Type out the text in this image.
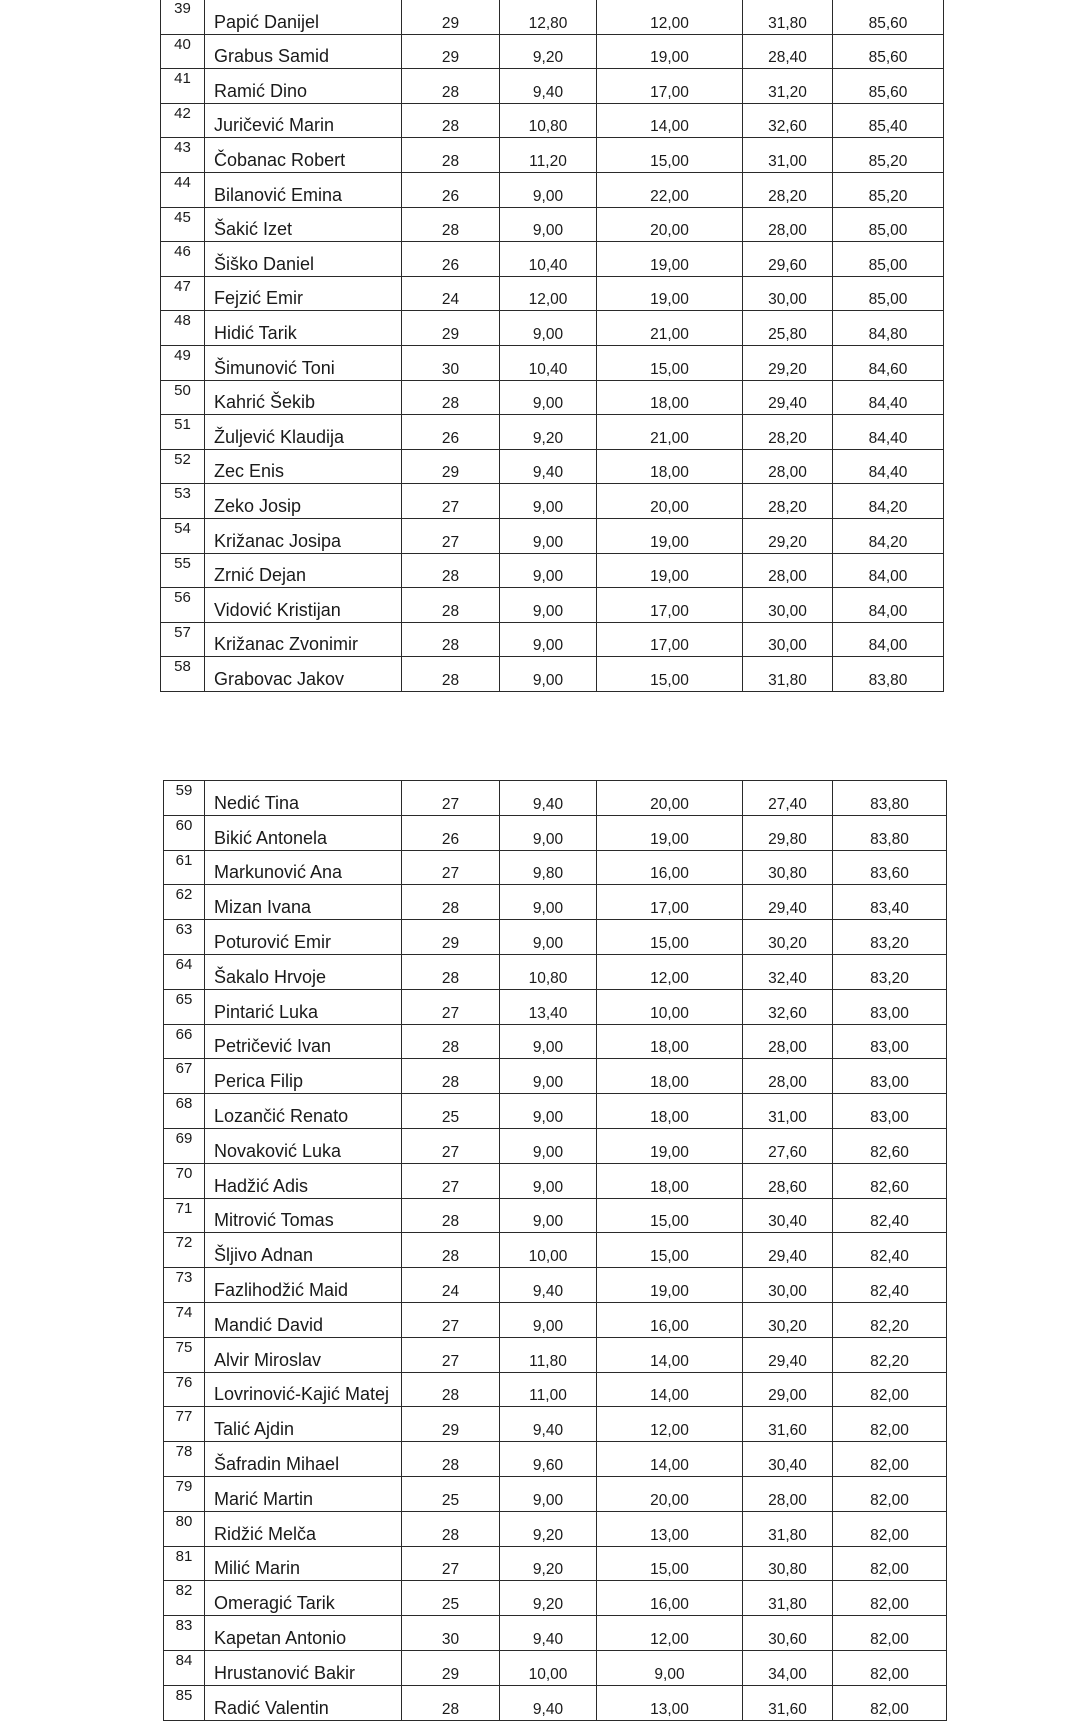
39	Papić Danijel	29	12,80	12,00	31,80	85,60
40	Grabus Samid	29	9,20	19,00	28,40	85,60
41	Ramić Dino	28	9,40	17,00	31,20	85,60
42	Juričević Marin	28	10,80	14,00	32,60	85,40
43	Čobanac Robert	28	11,20	15,00	31,00	85,20
44	Bilanović Emina	26	9,00	22,00	28,20	85,20
45	Šakić Izet	28	9,00	20,00	28,00	85,00
46	Šiško Daniel	26	10,40	19,00	29,60	85,00
47	Fejzić Emir	24	12,00	19,00	30,00	85,00
48	Hidić Tarik	29	9,00	21,00	25,80	84,80
49	Šimunović Toni	30	10,40	15,00	29,20	84,60
50	Kahrić Šekib	28	9,00	18,00	29,40	84,40
51	Žuljević Klaudija	26	9,20	21,00	28,20	84,40
52	Zec Enis	29	9,40	18,00	28,00	84,40
53	Zeko Josip	27	9,00	20,00	28,20	84,20
54	Križanac Josipa	27	9,00	19,00	29,20	84,20
55	Zrnić Dejan	28	9,00	19,00	28,00	84,00
56	Vidović Kristijan	28	9,00	17,00	30,00	84,00
57	Križanac Zvonimir	28	9,00	17,00	30,00	84,00
58	Grabovac Jakov	28	9,00	15,00	31,80	83,80
59	Nedić Tina	27	9,40	20,00	27,40	83,80
60	Bikić Antonela	26	9,00	19,00	29,80	83,80
61	Markunović Ana	27	9,80	16,00	30,80	83,60
62	Mizan Ivana	28	9,00	17,00	29,40	83,40
63	Poturović Emir	29	9,00	15,00	30,20	83,20
64	Šakalo Hrvoje	28	10,80	12,00	32,40	83,20
65	Pintarić Luka	27	13,40	10,00	32,60	83,00
66	Petričević Ivan	28	9,00	18,00	28,00	83,00
67	Perica Filip	28	9,00	18,00	28,00	83,00
68	Lozančić Renato	25	9,00	18,00	31,00	83,00
69	Novaković Luka	27	9,00	19,00	27,60	82,60
70	Hadžić Adis	27	9,00	18,00	28,60	82,60
71	Mitrović Tomas	28	9,00	15,00	30,40	82,40
72	Šljivo Adnan	28	10,00	15,00	29,40	82,40
73	Fazlihodžić Maid	24	9,40	19,00	30,00	82,40
74	Mandić David	27	9,00	16,00	30,20	82,20
75	Alvir Miroslav	27	11,80	14,00	29,40	82,20
76	Lovrinović-Kajić Matej	28	11,00	14,00	29,00	82,00
77	Talić Ajdin	29	9,40	12,00	31,60	82,00
78	Šafradin Mihael	28	9,60	14,00	30,40	82,00
79	Marić Martin	25	9,00	20,00	28,00	82,00
80	Ridžić Melča	28	9,20	13,00	31,80	82,00
81	Milić Marin	27	9,20	15,00	30,80	82,00
82	Omeragić Tarik	25	9,20	16,00	31,80	82,00
83	Kapetan Antonio	30	9,40	12,00	30,60	82,00
84	Hrustanović Bakir	29	10,00	9,00	34,00	82,00
85	Radić Valentin	28	9,40	13,00	31,60	82,00
